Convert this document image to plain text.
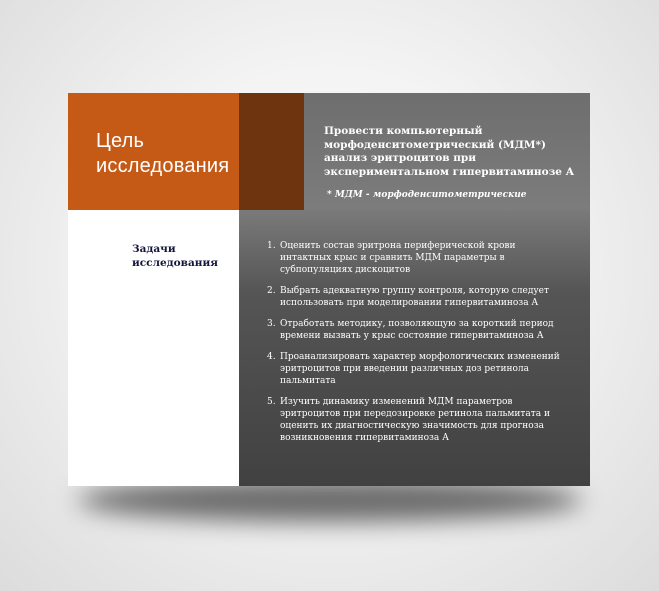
Цель исследования
Провести компьютерный морфоденситометрический (МДМ*) анализ эритроцитов при экспериментальном гипервитаминозе А
* МДМ - морфоденситометрические
Задачи исследования
1. Оценить состав эритрона периферической крови интактных крыс и сравнить МДМ параметры в субпопуляциях дискоцитов
2. Выбрать адекватную группу контроля, которую следует использовать при моделировании гипервитаминоза А
3. Отработать методику, позволяющую за короткий период времени вызвать у крыс состояние гипервитаминоза А
4. Проанализировать характер морфологических изменений эритроцитов при введении различных доз ретинола пальмитата
5. Изучить динамику изменений МДМ параметров эритроцитов при передозировке ретинола пальмитата и оценить их диагностическую значимость для прогноза возникновения гипервитаминоза А
